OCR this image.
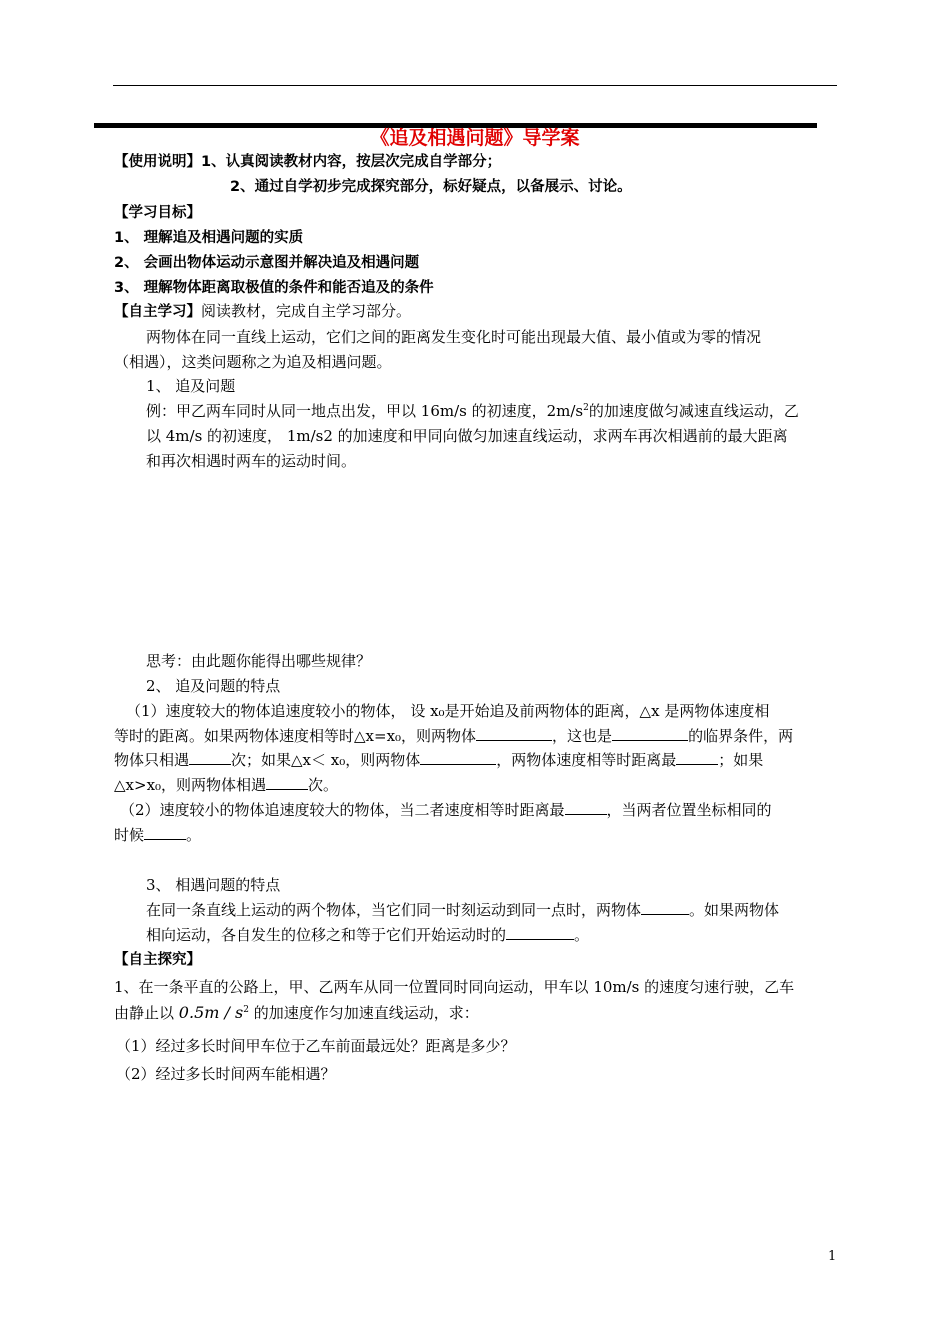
《追及相遇问题》导学案
【使用说明】1、认真阅读教材内容，按层次完成自学部分；
2、通过自学初步完成探究部分，标好疑点，以备展示、讨论。
【学习目标】
1、 理解追及相遇问题的实质
2、 会画出物体运动示意图并解决追及相遇问题
3、 理解物体距离取极值的条件和能否追及的条件
【自主学习】阅读教材，完成自主学习部分。
两物体在同一直线上运动，它们之间的距离发生变化时可能出现最大值、最小值或为零的情况
（相遇），这类问题称之为追及相遇问题。
1、 追及问题
例：甲乙两车同时从同一地点出发，甲以 16m/s 的初速度，$2m/s^2$的加速度做匀减速直线运动，乙
以 4m/s 的初速度， 1m/s2 的加速度和甲同向做匀加速直线运动，求两车再次相遇前的最大距离
和再次相遇时两车的运动时间。
思考：由此题你能得出哪些规律？
2、 追及问题的特点
（1）速度较大的物体追速度较小的物体， 设 x₀是开始追及前两物体的距离，△x 是两物体速度相
等时的距离。如果两物体速度相等时△x=x₀，则两物体	，这也是	的临界条件，两
物体只相遇	次；如果△x＜ x₀，则两物体	，两物体速度相等时距离最	；如果
△x>x₀，则两物体相遇	次。
（2）速度较小的物体追速度较大的物体，当二者速度相等时距离最	，当两者位置坐标相同的
时候	。
3、 相遇问题的特点
在同一条直线上运动的两个物体，当它们同一时刻运动到同一点时，两物体	。如果两物体
相向运动，各自发生的位移之和等于它们开始运动时的	。
【自主探究】
1、在一条平直的公路上，甲、乙两车从同一位置同时同向运动，甲车以 10m/s 的速度匀速行驶，乙车
由静止以 $0.5m / s^2$ 的加速度作匀加速直线运动，求：
（1）经过多长时间甲车位于乙车前面最远处？距离是多少？
（2）经过多长时间两车能相遇？
1
